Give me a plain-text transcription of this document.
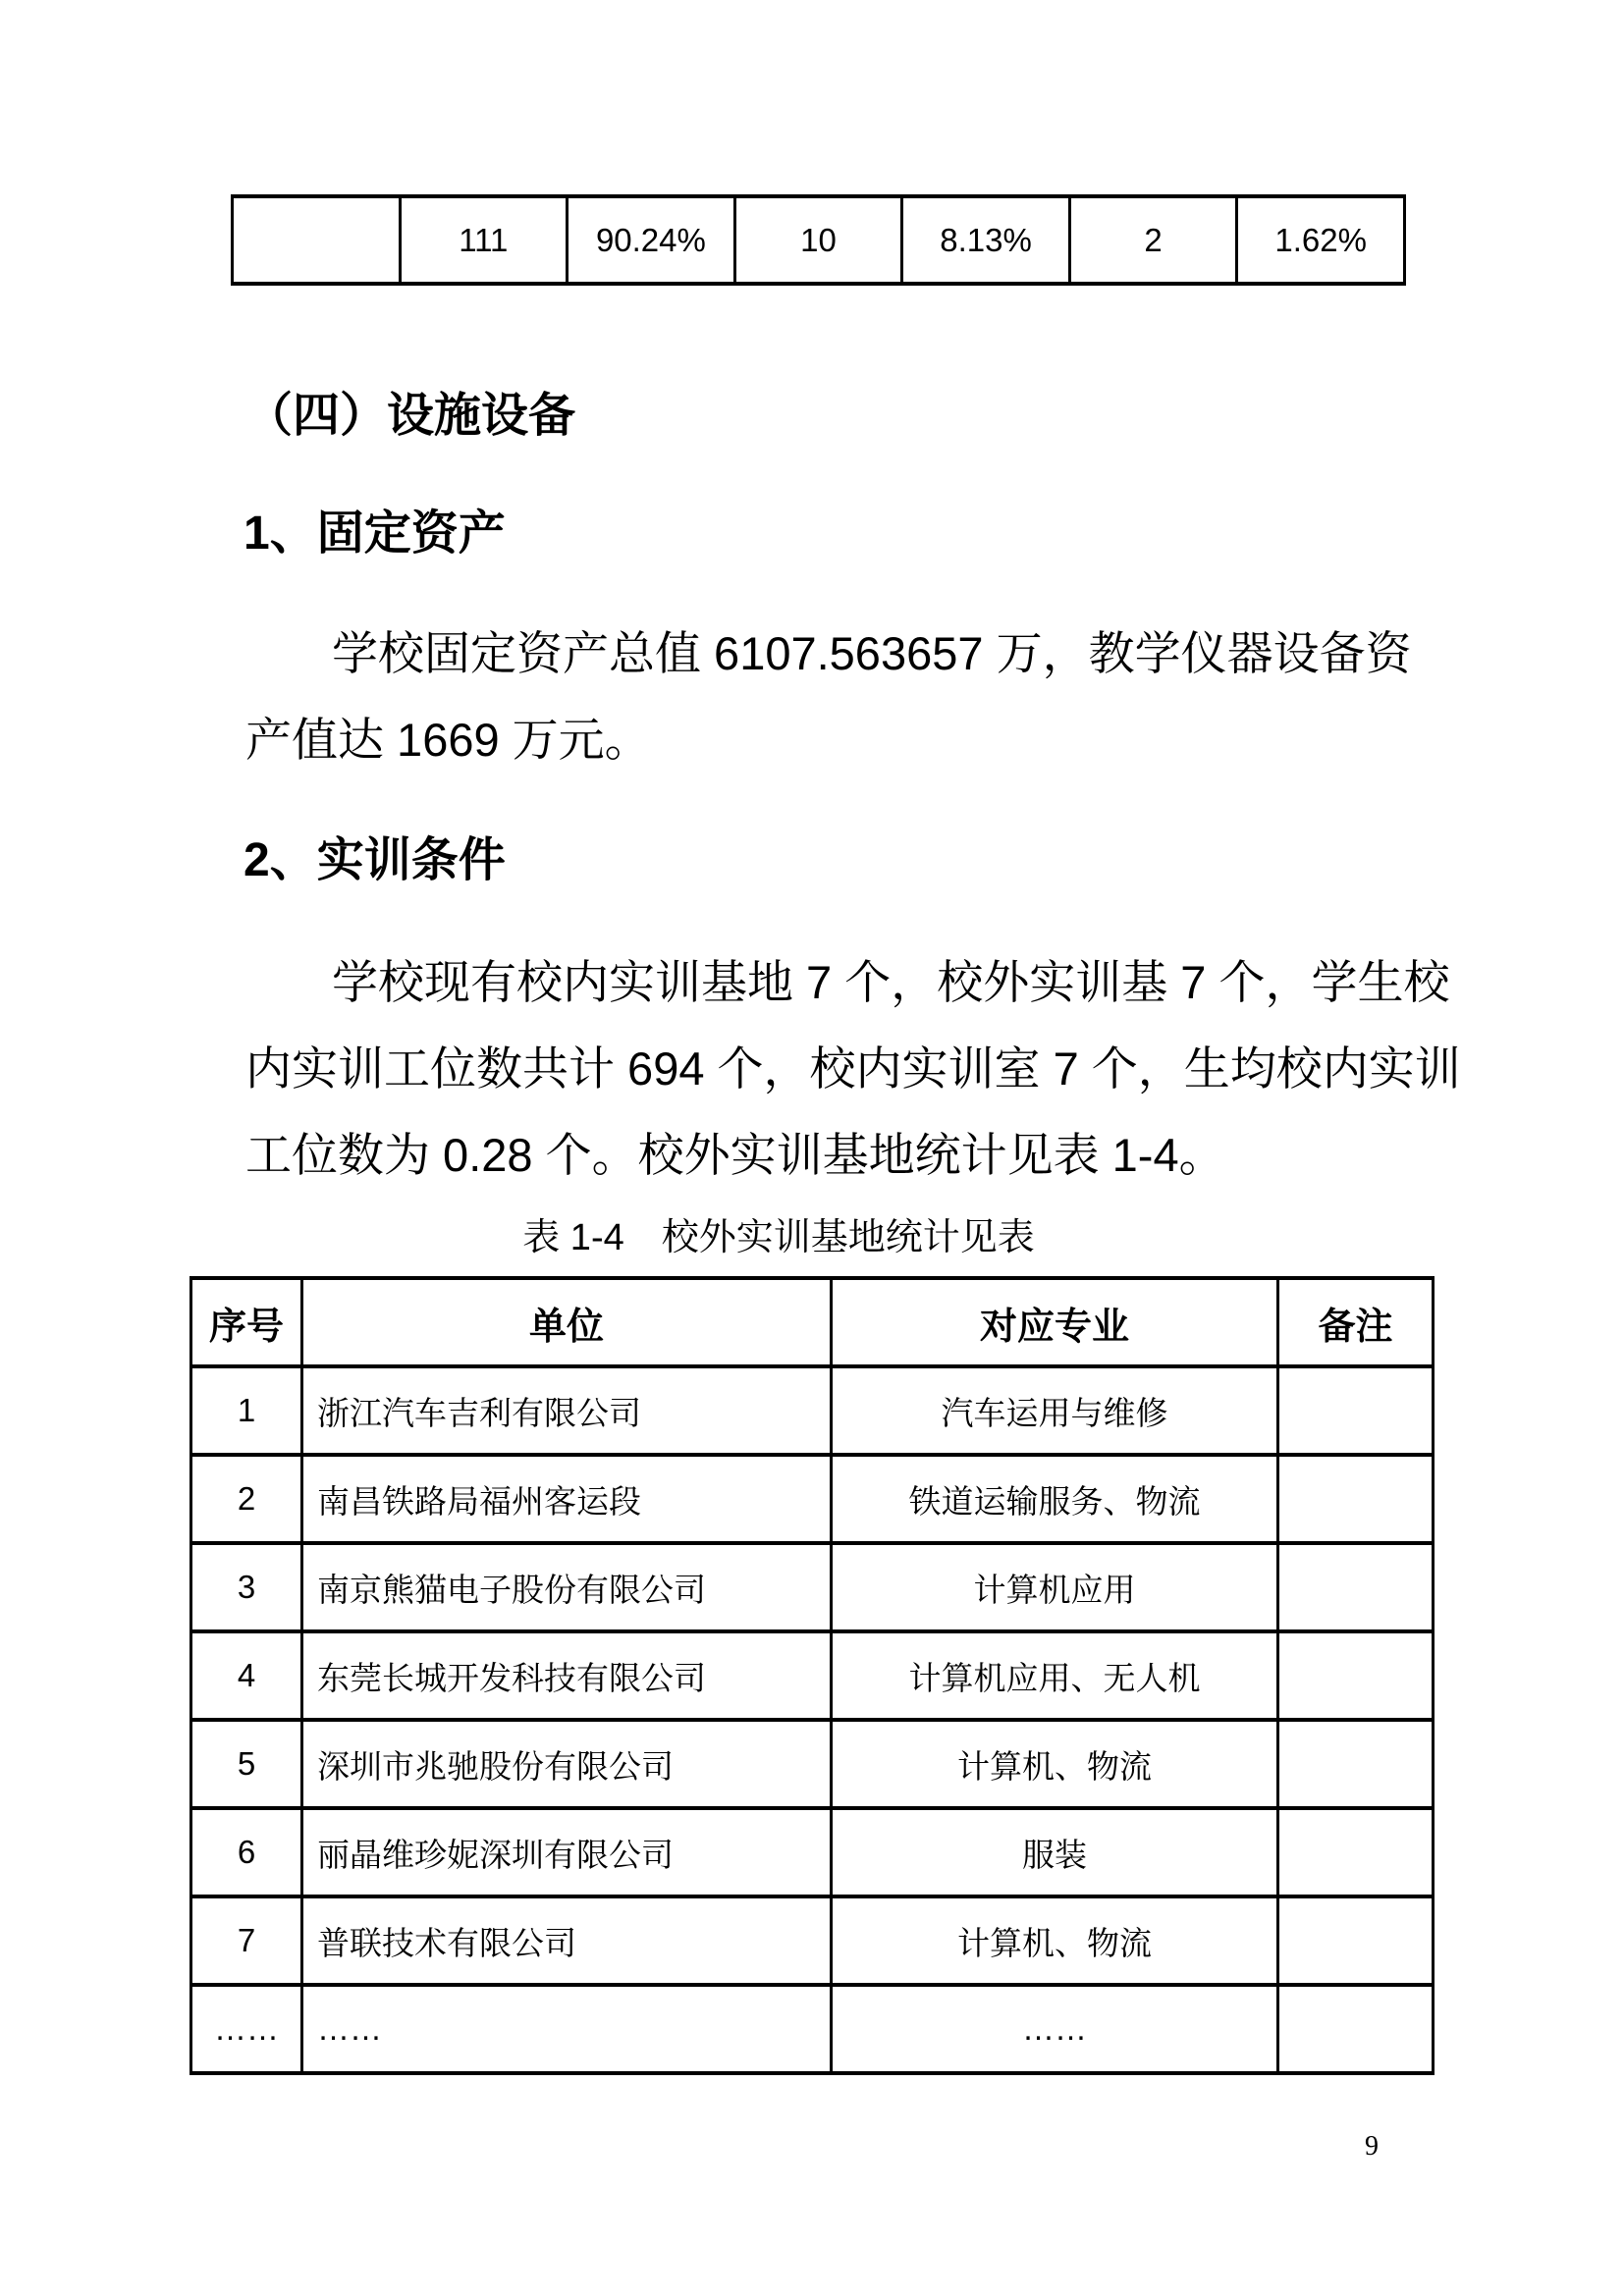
	111	90.24%	10	8.13%	2	1.62%
（四）设施设备
1、固定资产
学校固定资产总值 6107.563657 万，教学仪器设备资
产值达 1669 万元。
2、实训条件
学校现有校内实训基地 7 个，校外实训基 7 个，学生校
内实训工位数共计 694 个，校内实训室 7 个，生均校内实训
工位数为 0.28 个。校外实训基地统计见表 1-4。
表 1-4　校外实训基地统计见表
序号	单位	对应专业	备注
1	浙江汽车吉利有限公司	汽车运用与维修	
2	南昌铁路局福州客运段	铁道运输服务、物流	
3	南京熊猫电子股份有限公司	计算机应用	
4	东莞长城开发科技有限公司	计算机应用、无人机	
5	深圳市兆驰股份有限公司	计算机、物流	
6	丽晶维珍妮深圳有限公司	服装	
7	普联技术有限公司	计算机、物流	
……	……	……	
9
